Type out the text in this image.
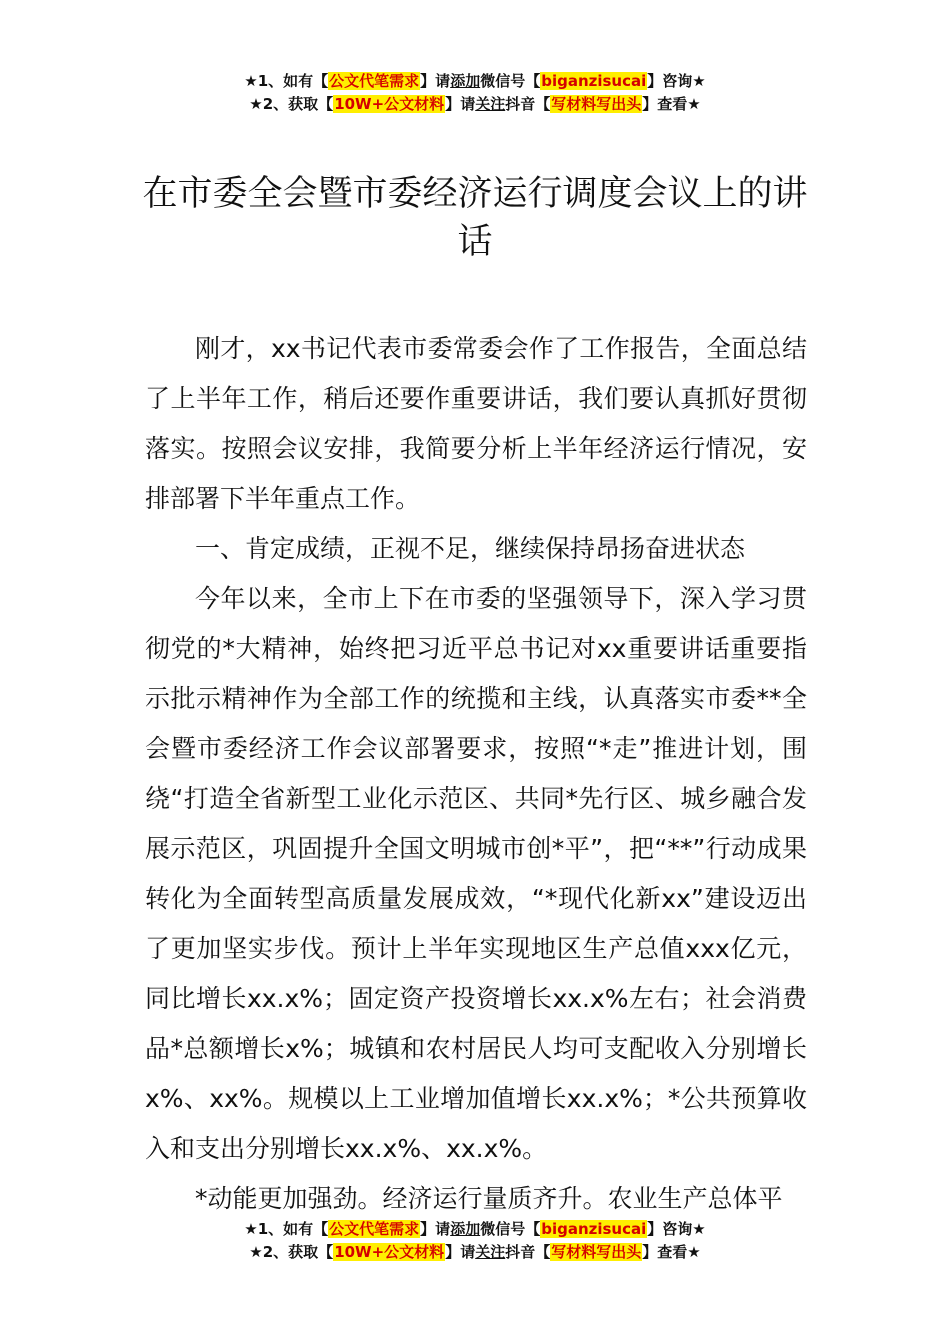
★1、如有【公文代笔需求】请添加微信号【biganzisucai】咨询★
★2、获取【10W+公文材料】请关注抖音【写材料写出头】查看★
在市委全会暨市委经济运行调度会议上的讲话

刚才，xx书记代表市委常委会作了工作报告，全面总结了上半年工作，稍后还要作重要讲话，我们要认真抓好贯彻落实。按照会议安排，我简要分析上半年经济运行情况，安排部署下半年重点工作。

一、肯定成绩，正视不足，继续保持昂扬奋进状态

今年以来，全市上下在市委的坚强领导下，深入学习贯彻党的*大精神，始终把习近平总书记对xx重要讲话重要指示批示精神作为全部工作的统揽和主线，认真落实市委**全会暨市委经济工作会议部署要求，按照“*走”推进计划，围绕“打造全省新型工业化示范区、共同*先行区、城乡融合发展示范区，巩固提升全国文明城市创*平”，把“**”行动成果转化为全面转型高质量发展成效，“*现代化新xx”建设迈出了更加坚实步伐。预计上半年实现地区生产总值xxx亿元，同比增长xx.x%；固定资产投资增长xx.x%左右；社会消费品*总额增长x%；城镇和农村居民人均可支配收入分别增长x%、xx%。规模以上工业增加值增长xx.x%；*公共预算收入和支出分别增长xx.x%、xx.x%。

*动能更加强劲。经济运行量质齐升。农业生产总体平

★1、如有【公文代笔需求】请添加微信号【biganzisucai】咨询★
★2、获取【10W+公文材料】请关注抖音【写材料写出头】查看★
